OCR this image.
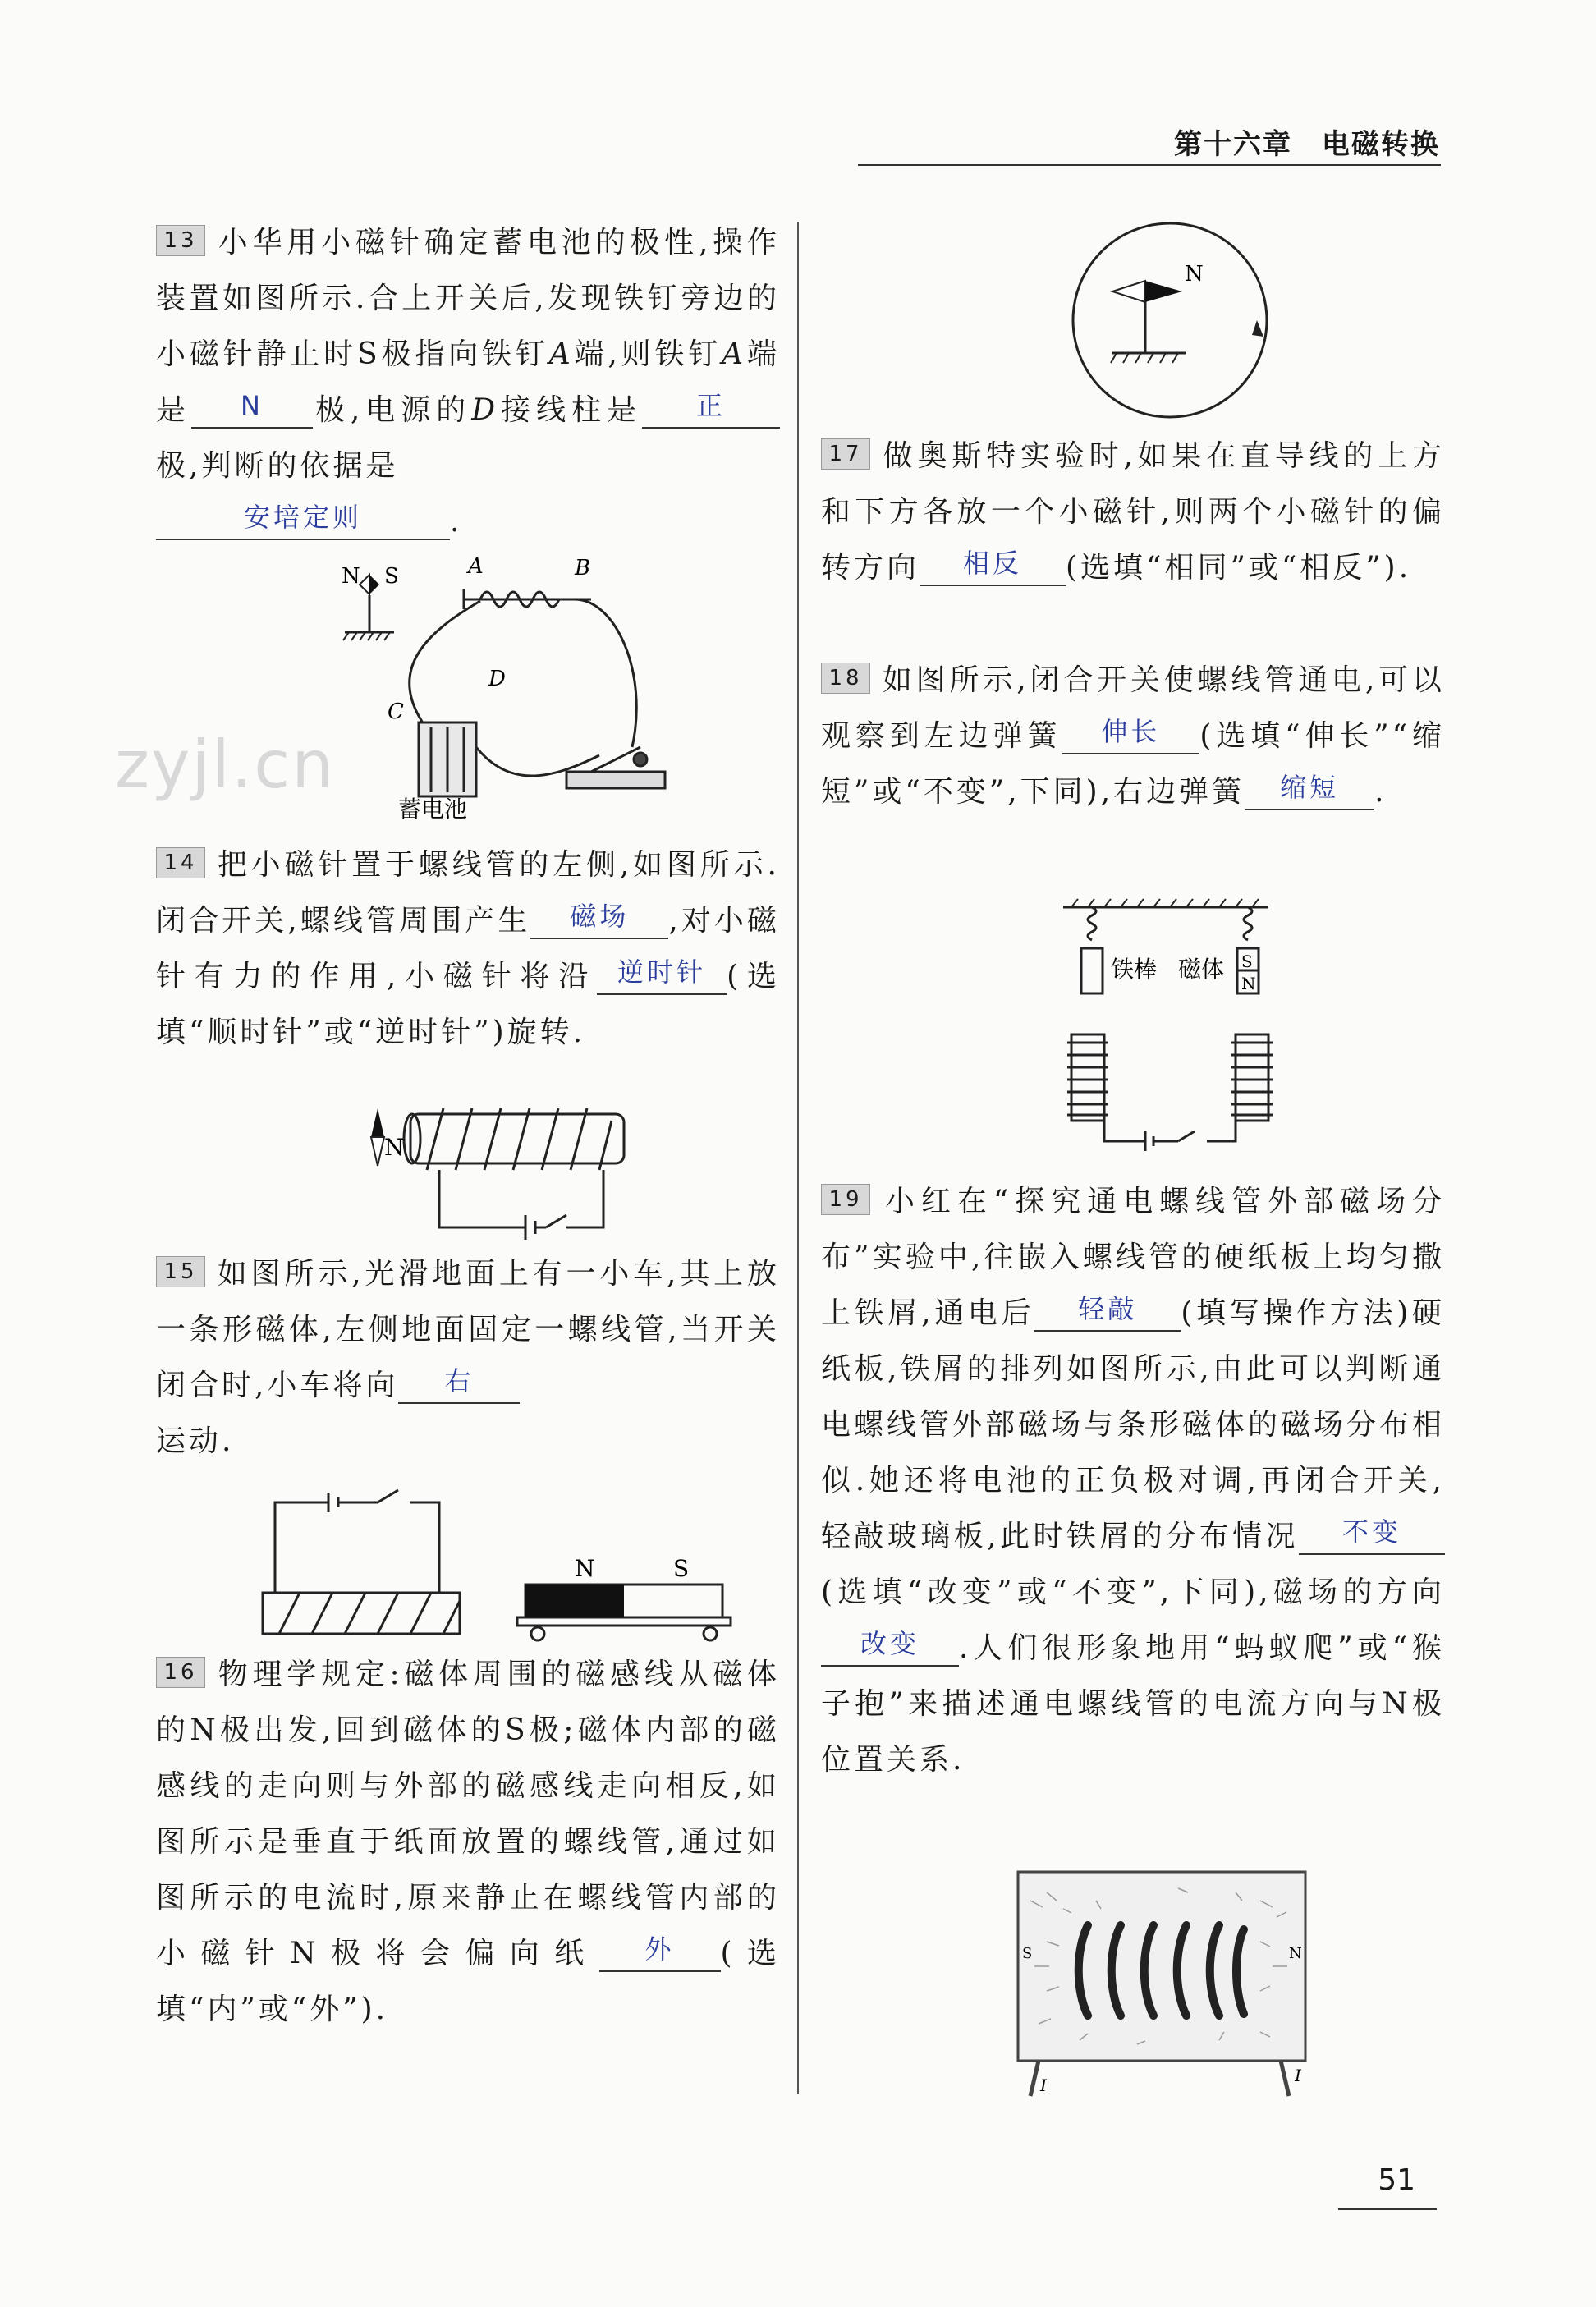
第十六章　电磁转换
zyjl.cn
13 小华用小磁针确定蓄电池的极性,操作装置如图所示.合上开关后,发现铁钉旁边的小磁针静止时S极指向铁钉A端,则铁钉A端是 N 极,电源的D接线柱是 正极,判断的依据是
安培定则	.
N S	A	B
C
D
蓄电池
14 把小磁针置于螺线管的左侧,如图所示.闭合开关,螺线管周围产生 磁场 ,对小磁针有力的作用,小磁针将沿 逆时针 (选填“顺时针”或“逆时针”)旋转.
N
15 如图所示,光滑地面上有一小车,其上放一条形磁体,左侧地面固定一螺线管,当开关闭合时,小车将向 右
运动.
N	S
16 物理学规定:磁体周围的磁感线从磁体的N极出发,回到磁体的S极;磁体内部的磁感线的走向则与外部的磁感线走向相反,如图所示是垂直于纸面放置的螺线管,通过如图所示的电流时,原来静止在螺线管内部的小磁针N极将会偏向纸 外 (选填“内”或“外”).
N
17 做奥斯特实验时,如果在直导线的上方和下方各放一个小磁针,则两个小磁针的偏转方向 相反 (选填“相同”或“相反”).
18 如图所示,闭合开关使螺线管通电,可以观察到左边弹簧 伸长 (选填“伸长”“缩短”或“不变”,下同),右边弹簧 缩短 .
铁棒 磁体 S
N
19 小红在“探究通电螺线管外部磁场分布”实验中,往嵌入螺线管的硬纸板上均匀撒上铁屑,通电后 轻敲 (填写操作方法)硬纸板,铁屑的排列如图所示,由此可以判断通电螺线管外部磁场与条形磁体的磁场分布相似.她还将电池的正负极对调,再闭合开关,轻敲玻璃板,此时铁屑的分布情况 不变(选填“改变”或“不变”,下同),磁场的方向改变 .人们很形象地用“蚂蚁爬”或“猴子抱”来描述通电螺线管的电流方向与N极位置关系.
S	N
I	I
51
